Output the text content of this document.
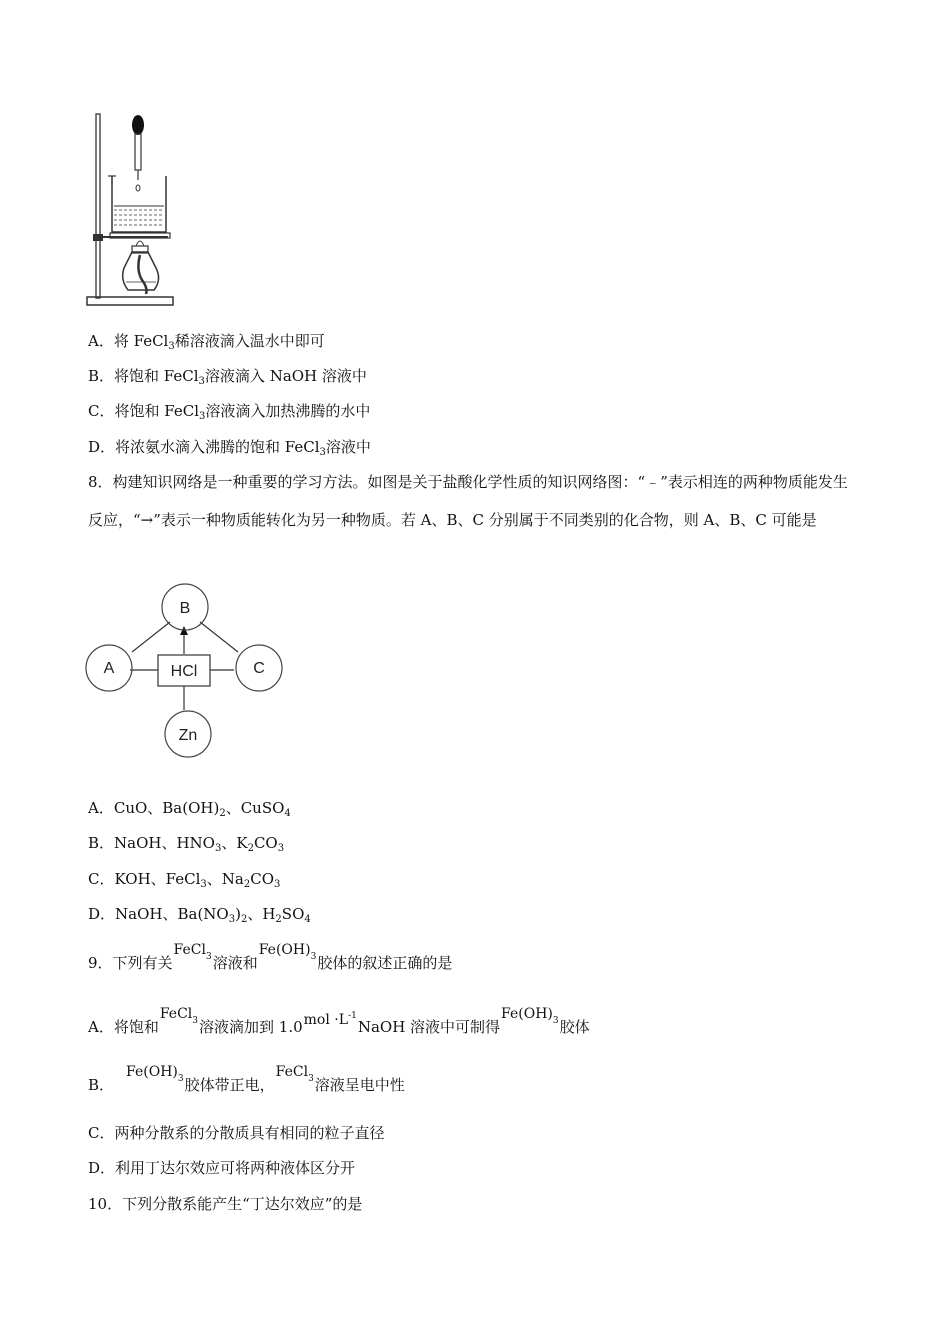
A．将 FeCl$_3$稀溶液滴入温水中即可
B．将饱和 FeCl$_3$溶液滴入 NaOH 溶液中
C．将饱和 FeCl$_3$溶液滴入加热沸腾的水中
D．将浓氨水滴入沸腾的饱和 FeCl$_3$溶液中
8．构建知识网络是一种重要的学习方法。如图是关于盐酸化学性质的知识网络图：“﹣”表示相连的两种物质能发生反应，“→”表示一种物质能转化为另一种物质。若 A、B、C 分别属于不同类别的化合物，则 A、B、C 可能是
B
A	C
HCl
Zn
A．CuO、$Ba(OH)_2$、CuSO$_4$
B．NaOH、$HNO_3$、$K_2CO_3$
C．KOH、FeCl$_3$、$Na_2CO_3$
D．NaOH、$Ba(NO_3)_2$、$H_2SO_4$
9．下列有关FeCl$_3$溶液和$Fe(OH)_3$胶体的叙述正确的是
A．将饱和FeCl$_3$溶液滴加到 $1.0mol \cdot L^{-1}NaOH$ 溶液中可制得$Fe(OH)_3$胶体
B．$Fe(OH)_3$胶体带正电，FeCl$_3$溶液呈电中性
C．两种分散系的分散质具有相同的粒子直径
D．利用丁达尔效应可将两种液体区分开
10．下列分散系能产生“丁达尔效应”的是
